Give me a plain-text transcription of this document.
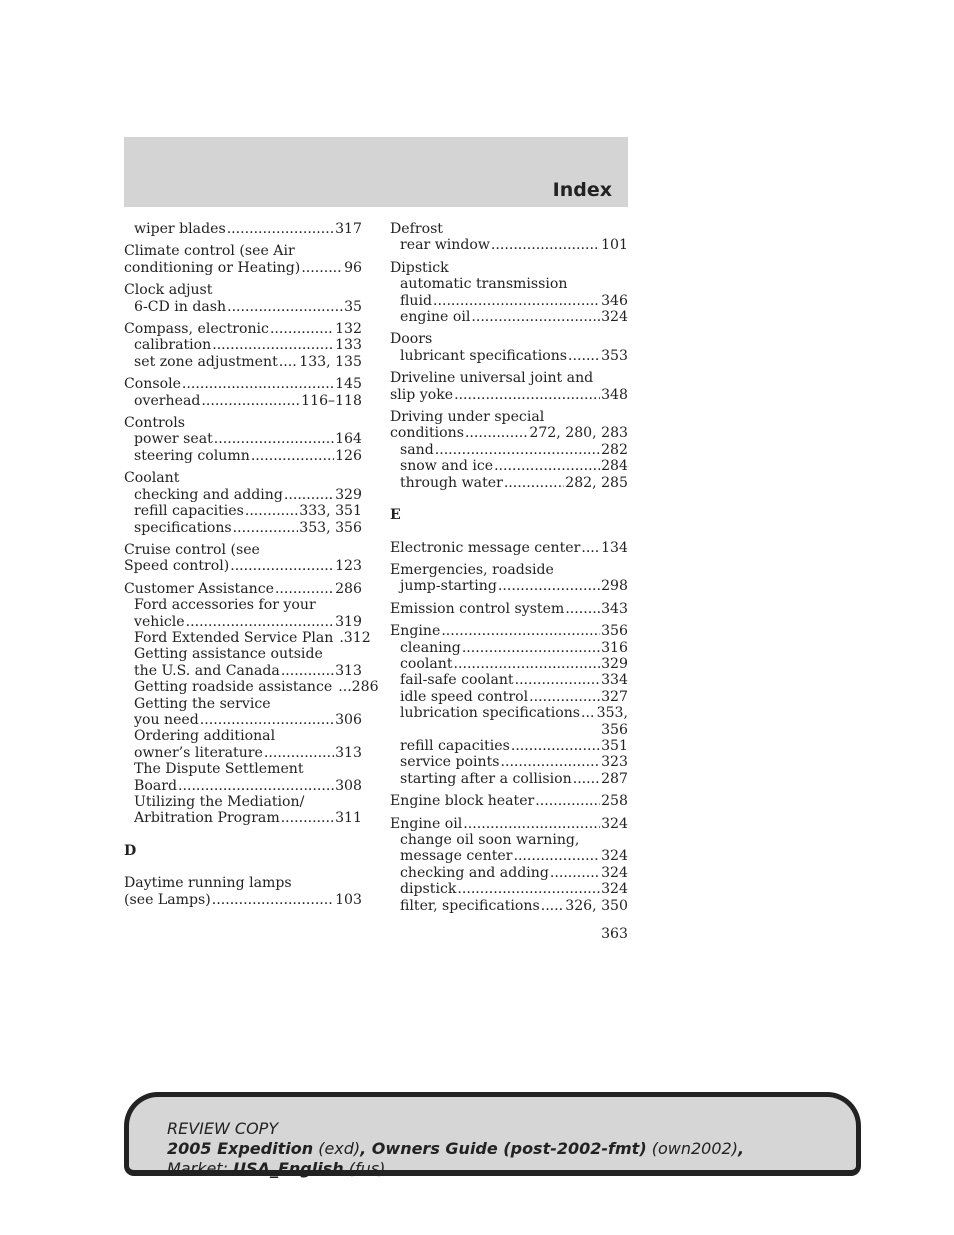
Index
wiper blades .....	317
Climate control (see Air
conditioning or Heating) .....	96
Clock adjust
6-CD in dash .....	35
Compass, electronic .....	132
calibration .....	133
set zone adjustment ..... 133, 135
Console .....	145
overhead .....	116–118
Controls
power seat .....	164
steering column .....	126
Coolant
checking and adding .....	329
refill capacities .....	333, 351
specifications .....	353, 356
Cruise control (see
Speed control) .....	123
Customer Assistance .....	286
Ford accessories for your
vehicle .....	319
Ford Extended Service Plan .312
Getting assistance outside
the U.S. and Canada .....	313
Getting roadside assistance ...286
Getting the service
you need .....	306
Ordering additional
owner’s literature .....	313
The Dispute Settlement
Board .....	308
Utilizing the Mediation/
Arbitration Program .....	311
D
Daytime running lamps
(see Lamps) .....	103
Defrost
rear window .....	101
Dipstick
automatic transmission
fluid .....	346
engine oil .....	324
Doors
lubricant specifications ..... 353
Driveline universal joint and
slip yoke .....	348
Driving under special
conditions .....	272, 280, 283
sand .....	282
snow and ice .....	284
through water .....	282, 285
E
Electronic message center ..... 134
Emergencies, roadside
jump-starting .....	298
Emission control system .....	343
Engine .....	356
cleaning .....	316
coolant .....	329
fail-safe coolant .....	334
idle speed control .....	327
lubrication specifications ..... 353,
356
refill capacities .....	351
service points .....	323
starting after a collision ..... 287
Engine block heater .....	258
Engine oil .....	324
change oil soon warning,
message center .....	324
checking and adding .....	324
dipstick .....	324
filter, specifications ..... 326, 350
363
REVIEW COPY
2005 Expedition (exd), Owners Guide (post-2002-fmt) (own2002),
Market: USA_English (fus)
